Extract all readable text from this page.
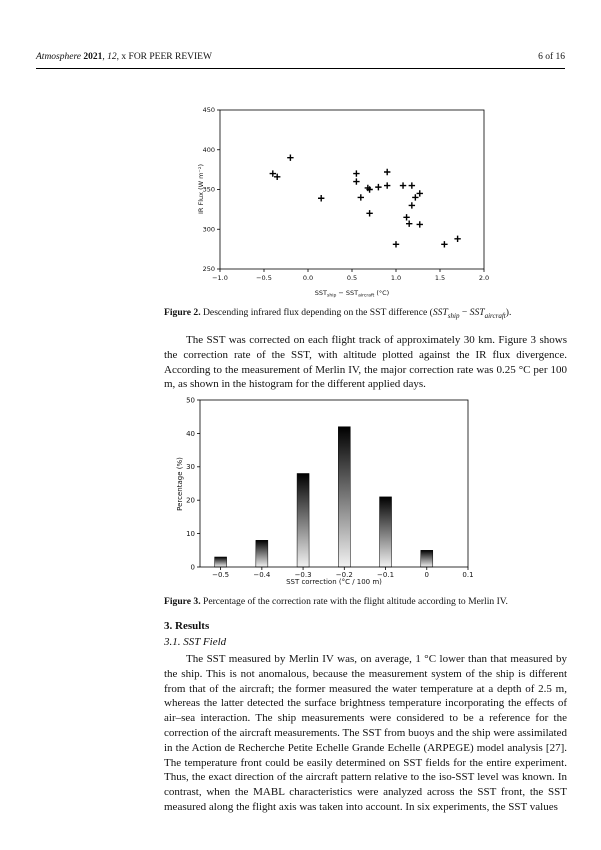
Atmosphere 2021, 12, x FOR PEER REVIEW	6 of 16
−1.0	−0.5	0.0	0.5	1.0	1.5	2.0
250
300
350
400
450
IR Flux (W m⁻²)
$SST_{ship} - SST_{aircraft}$ (°C)
Figure 2. Descending infrared flux depending on the SST difference $(SST_{ship} - SST_{aircraft})$.

The SST was corrected on each flight track of approximately 30 km. Figure 3 shows the correction rate of the SST, with altitude plotted against the IR flux divergence. According to the measurement of Merlin IV, the major correction rate was 0.25 °C per 100 m, as shown in the histogram for the different applied days.

−0.5	−0.4	−0.3	−0.2	−0.1	0	0.1
0
10
20
30
40
50
Percentage (%)
SST correction (°C / 100 m)
Figure 3. Percentage of the correction rate with the flight altitude according to Merlin IV.
3. Results
3.1. SST Field

The SST measured by Merlin IV was, on average, 1 °C lower than that measured by the ship. This is not anomalous, because the measurement system of the ship is different from that of the aircraft; the former measured the water temperature at a depth of 2.5 m, whereas the latter detected the surface brightness temperature incorporating the effects of air–sea interaction. The ship measurements were considered to be a reference for the correction of the aircraft measurements. The SST from buoys and the ship were assimilated in the Action de Recherche Petite Echelle Grande Echelle (ARPEGE) model analysis [27]. The temperature front could be easily determined on SST fields for the entire experiment. Thus, the exact direction of the aircraft pattern relative to the iso-SST level was known. In contrast, when the MABL characteristics were analyzed across the SST front, the SST measured along the flight axis was taken into account. In six experiments, the SST values
